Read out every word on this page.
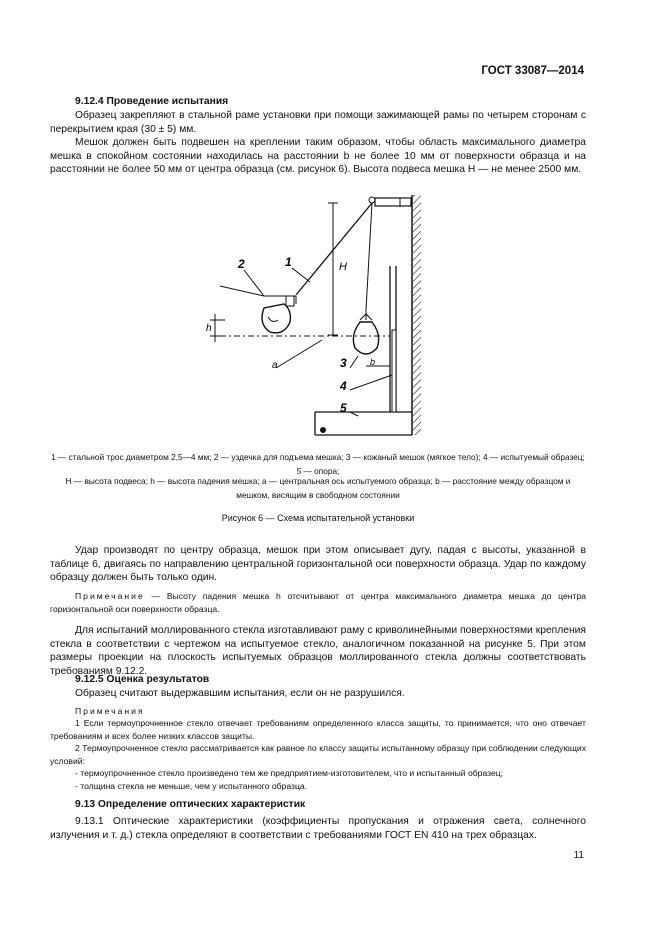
ГОСТ 33087—2014
9.12.4 Проведение испытания
Образец закрепляют в стальной раме установки при помощи зажимающей рамы по четырем сторонам с перекрытием края (30 ± 5) мм.
Мешок должен быть подвешен на креплении таким образом, чтобы область максимального диаметра мешка в спокойном состоянии находилась на расстоянии b не более 10 мм от поверхности образца и на расстоянии не более 50 мм от центра образца (см. рисунок 6). Высота подвеса мешка H — не менее 2500 мм.
2	1	H
h
a	3	b
4
5
1 — стальной трос диаметром 2,5—4 мм; 2 — уздечка для подъема мешка; 3 — кожаный мешок (мягкое тело); 4 — испытуемый образец; 5 — опора;
H — высота подвеса; h — высота падения мешка; a — центральная ось испытуемого образца; b — расстояние между образцом и мешком, висящим в свободном состоянии
Рисунок 6 — Схема испытательной установки
Удар производят по центру образца, мешок при этом описывает дугу, падая с высоты, указанной в таблице 6, двигаясь по направлению центральной горизонтальной оси поверхности образца. Удар по каждому образцу должен быть только один.
Примечание — Высоту падения мешка h отсчитывают от центра максимального диаметра мешка до центра горизонтальной оси поверхности образца.
Для испытаний моллированного стекла изготавливают раму с криволинейными поверхностями крепления стекла в соответствии с чертежом на испытуемое стекло, аналогичном показанной на рисунке 5. При этом размеры проекции на плоскость испытуемых образцов моллированного стекла должны соответствовать требованиям 9.12.2.
9.12.5 Оценка результатов
Образец считают выдержавшим испытания, если он не разрушился.
Примечания
1 Если термоупрочненное стекло отвечает требованиям определенного класса защиты, то принимается, что оно отвечает требованиям и всех более низких классов защиты.
2 Термоупрочненное стекло рассматривается как равное по классу защиты испытанному образцу при соблюдении следующих условий:
- термоупрочненное стекло произведено тем же предприятием-изготовителем, что и испытанный образец;
- толщина стекла не меньше, чем у испытанного образца.
9.13 Определение оптических характеристик
9.13.1 Оптические характеристики (коэффициенты пропускания и отражения света, солнечного излучения и т. д.) стекла определяют в соответствии с требованиями ГОСТ EN 410 на трех образцах.
11
